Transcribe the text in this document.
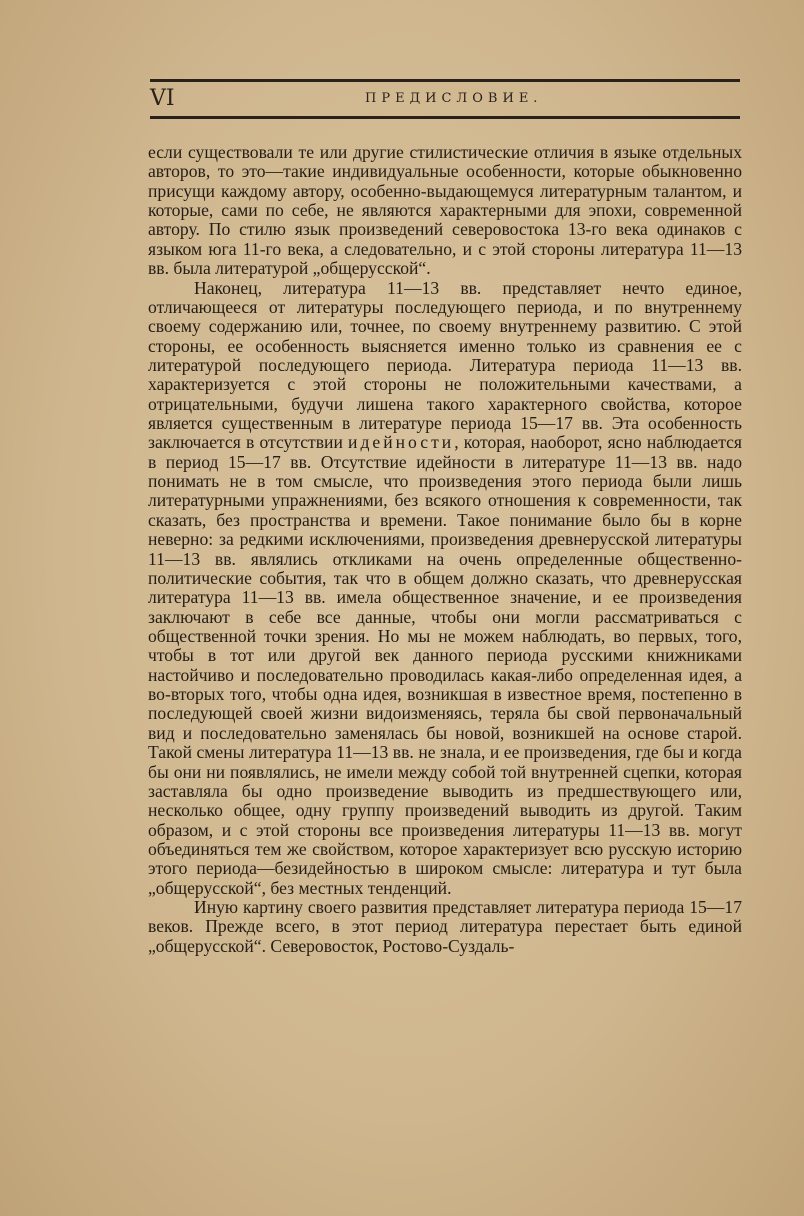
VI	ПРЕДИСЛОВИЕ.

если существовали те или другие стилистические отличия в языке отдельных авторов, то это—такие индивидуальные особенности, которые обыкновенно присущи каждому автору, особенно-выдающемуся литературным талантом, и которые, сами по себе, не являются характерными для эпохи, современной автору. По стилю язык произведений северовостока 13-го века одинаков с языком юга 11-го века, а следовательно, и с этой стороны литература 11—13 вв. была литературой „общерусской“.

Наконец, литература 11—13 вв. представляет нечто единое, отличающееся от литературы последующего периода, и по внутреннему своему содержанию или, точнее, по своему внутреннему развитию. С этой стороны, ее особенность выясняется именно только из сравнения ее с литературой последующего периода. Литература периода 11—13 вв. характеризуется с этой стороны не положительными качествами, а отрицательными, будучи лишена такого характерного свойства, которое является существенным в литературе периода 15—17 вв. Эта особенность заключается в отсутствии идейности, которая, наоборот, ясно наблюдается в период 15—17 вв. Отсутствие идейности в литературе 11—13 вв. надо понимать не в том смысле, что произведения этого периода были лишь литературными упражнениями, без всякого отношения к современности, так сказать, без пространства и времени. Такое понимание было бы в корне неверно: за редкими исключениями, произведения древнерусской литературы 11—13 вв. являлись откликами на очень определенные общественно-политические события, так что в общем должно сказать, что древнерусская литература 11—13 вв. имела общественное значение, и ее произведения заключают в себе все данные, чтобы они могли рассматриваться с общественной точки зрения. Но мы не можем наблюдать, во первых, того, чтобы в тот или другой век данного периода русскими книжниками настойчиво и последовательно проводилась какая-либо определенная идея, а во-вторых того, чтобы одна идея, возникшая в известное время, постепенно в последующей своей жизни видоизменяясь, теряла бы свой первоначальный вид и последовательно заменялась бы новой, возникшей на основе старой. Такой смены литература 11—13 вв. не знала, и ее произведения, где бы и когда бы они ни появлялись, не имели между собой той внутренней сцепки, которая заставляла бы одно произведение выводить из предшествующего или, несколько общее, одну группу произведений выводить из другой. Таким образом, и с этой стороны все произведения литературы 11—13 вв. могут объединяться тем же свойством, которое характеризует всю русскую историю этого периода—безидейностью в широком смысле: литература и тут была „общерусской“, без местных тенденций.

Иную картину своего развития представляет литература периода 15—17 веков. Прежде всего, в этот период литература перестает быть единой „общерусской“. Северовосток, Ростово-Суздаль-
